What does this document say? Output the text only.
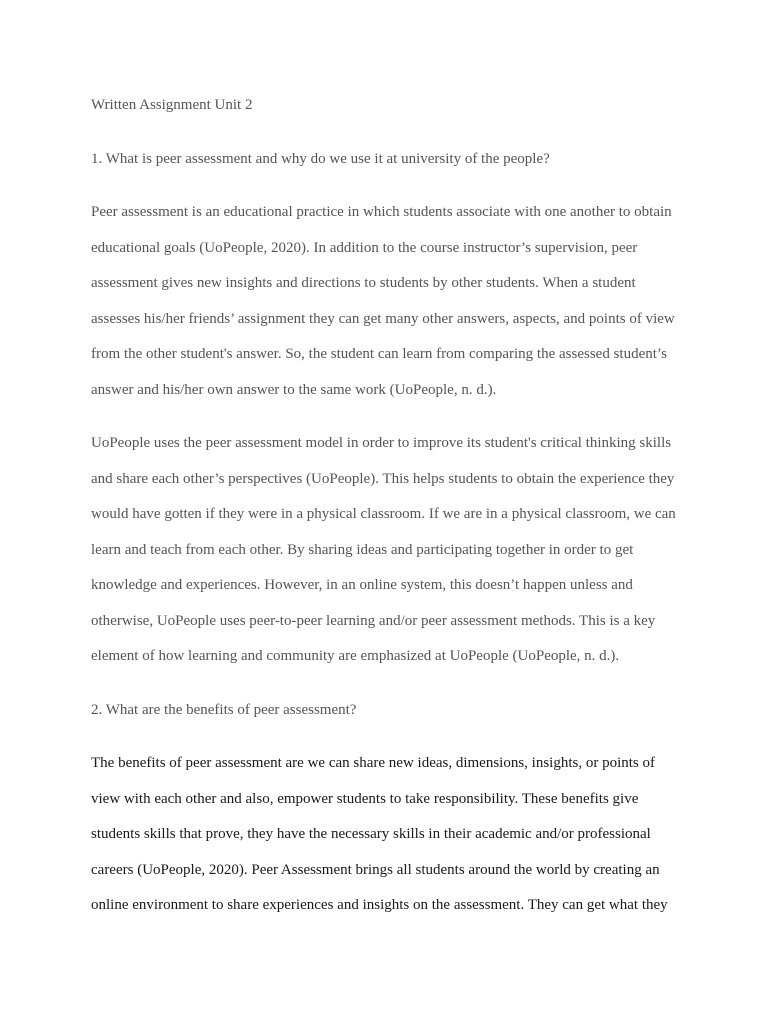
Written Assignment Unit 2

1. What is peer assessment and why do we use it at university of the people?

Peer assessment is an educational practice in which students associate with one another to obtain
educational goals (UoPeople, 2020). In addition to the course instructor’s supervision, peer
assessment gives new insights and directions to students by other students. When a student
assesses his/her friends’ assignment they can get many other answers, aspects, and points of view
from the other student's answer. So, the student can learn from comparing the assessed student’s
answer and his/her own answer to the same work (UoPeople, n. d.).

UoPeople uses the peer assessment model in order to improve its student's critical thinking skills
and share each other’s perspectives (UoPeople). This helps students to obtain the experience they
would have gotten if they were in a physical classroom. If we are in a physical classroom, we can
learn and teach from each other. By sharing ideas and participating together in order to get
knowledge and experiences. However, in an online system, this doesn’t happen unless and
otherwise, UoPeople uses peer-to-peer learning and/or peer assessment methods. This is a key
element of how learning and community are emphasized at UoPeople (UoPeople, n. d.).

2. What are the benefits of peer assessment?

The benefits of peer assessment are we can share new ideas, dimensions, insights, or points of
view with each other and also, empower students to take responsibility. These benefits give
students skills that prove, they have the necessary skills in their academic and/or professional
careers (UoPeople, 2020). Peer Assessment brings all students around the world by creating an
online environment to share experiences and insights on the assessment. They can get what they
